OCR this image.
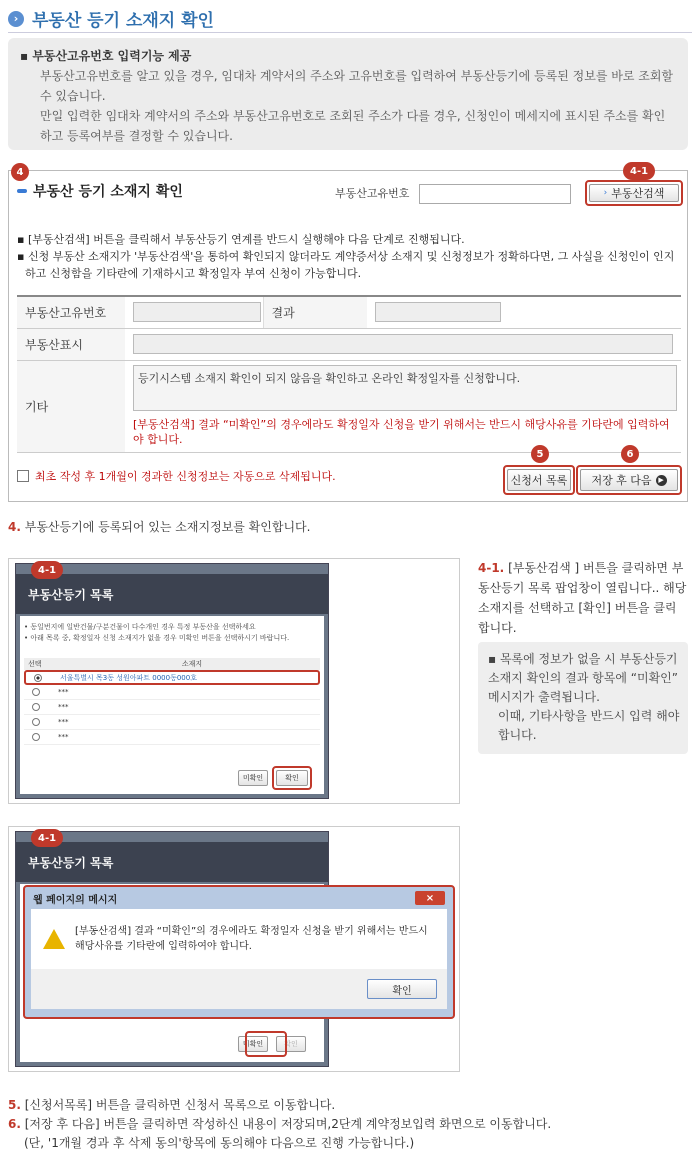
› 부동산 등기 소재지 확인
▪ 부동산고유번호 입력기능 제공
부동산고유번호를 알고 있을 경우, 임대차 계약서의 주소와 고유번호를 입력하여 부동산등기에 등록된 정보를 바로 조회할 수 있습니다.
만일 입력한 임대차 계약서의 주소와 부동산고유번호로 조회된 주소가 다를 경우, 신청인이 메세지에 표시된 주소를 확인하고 등록여부를 결정할 수 있습니다.
4
부동산 등기 소재지 확인	부동산고유번호
4-1
› 부동산검색
▪ [부동산검색] 버튼을 클릭해서 부동산등기 연계를 반드시 실행해야 다음 단계로 진행됩니다.
▪ 신청 부동산 소재지가 '부동산검색'을 통하여 확인되지 않더라도 계약증서상 소재지 및 신청정보가 정확하다면, 그 사실을 신청인이 인지하고 신청함을 기타란에 기재하시고 확정일자 부여 신청이 가능합니다.
부동산고유번호		결과	

부동산표시			

기타	등기시스템 소재지 확인이 되지 않음을 확인하고 온라인 확정일자를 신청합니다.
[부동산검색] 결과 “미확인”의 경우에라도 확정일자 신청을 받기 위해서는 반드시 해당사유를 기타란에 입력하여야 합니다.		
최초 작성 후 1개월이 경과한 신청정보는 자동으로 삭제됩니다.
5	6
신청서 목록	저장 후 다음 ▶
4. 부동산등기에 등록되어 있는 소재지정보를 확인합니다.
부동산등기 목록
• 동일번지에 일반건물/구분건물이 다수개인 경우 특정 부동산을 선택하세요
• 아래 목록 중, 확정일자 신청 소재지가 없을 경우 미확인 버튼을 선택하시기 바랍니다.
선택	소재지
서울특별시 목3동 성원아파트 0000동000호
***
***
***
***
미확인	확인
4-1	4-1. [부동산검색 ] 버튼을 클릭하면 부동산등기 목록 팝업창이 열립니다.. 해당 소재지를 선택하고 [확인] 버튼을 클릭합니다.
▪ 목록에 정보가 없을 시 부동산등기 소재지 확인의 결과 항목에 “미확인” 메시지가 출력됩니다.
이때, 기타사항을 반드시 입력 해야 합니다.
부동산등기 목록
미확인	확인
4-1
웹 페이지의 메시지	×
[부동산검색] 결과 “미확인”의 경우에라도 확정일자 신청을 받기 위해서는 반드시 해당사유를 기타란에 입력하여야 합니다.
확인
5. [신청서목록] 버튼을 클릭하면 신청서 목록으로 이동합니다.
6. [저장 후 다음] 버튼을 클릭하면 작성하신 내용이 저장되며,2단계 계약정보입력 화면으로 이동합니다.
(단, '1개월 경과 후 삭제 동의'항목에 동의해야 다음으로 진행 가능합니다.)
